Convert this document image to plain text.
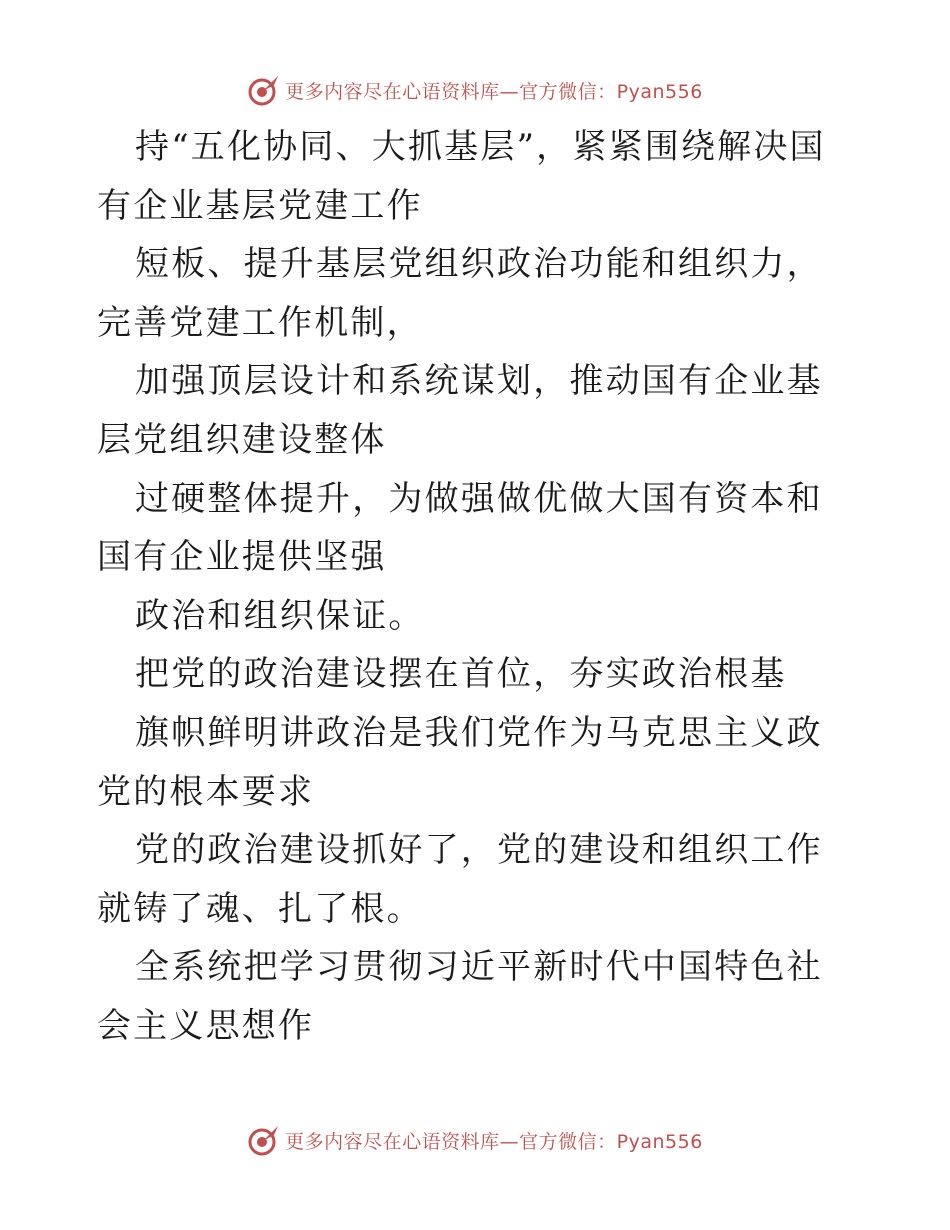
更多内容尽在心语资料库—官方微信：Pyan556

持“五化协同、大抓基层”，紧紧围绕解决国有企业基层党建工作

短板、提升基层党组织政治功能和组织力，完善党建工作机制，

加强顶层设计和系统谋划，推动国有企业基层党组织建设整体

过硬整体提升，为做强做优做大国有资本和国有企业提供坚强

政治和组织保证。

把党的政治建设摆在首位，夯实政治根基

旗帜鲜明讲政治是我们党作为马克思主义政党的根本要求

党的政治建设抓好了，党的建设和组织工作就铸了魂、扎了根。

全系统把学习贯彻习近平新时代中国特色社会主义思想作

更多内容尽在心语资料库—官方微信：Pyan556
